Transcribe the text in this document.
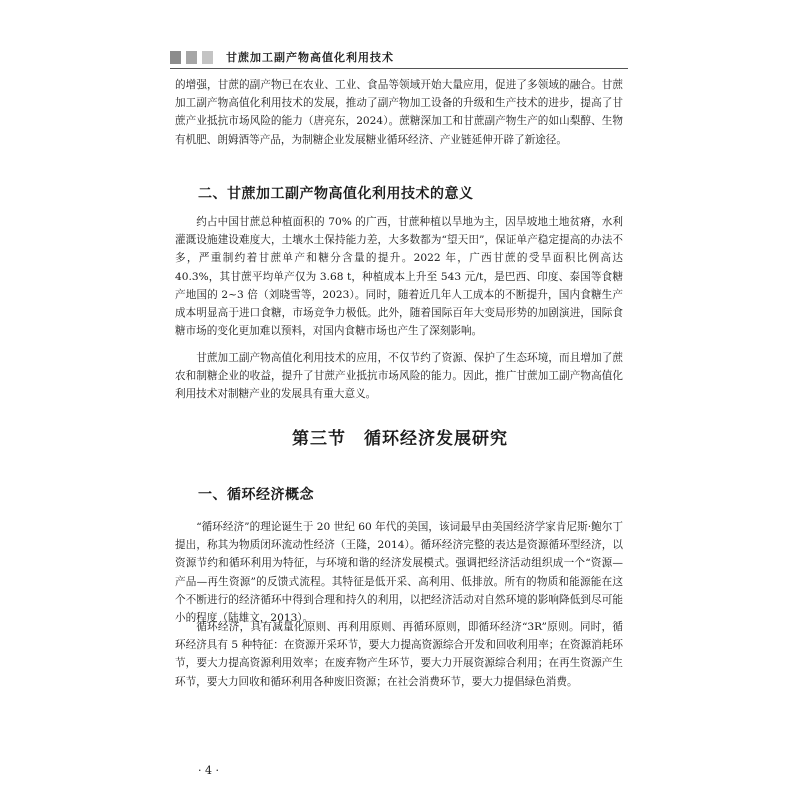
甘蔗加工副产物高值化利用技术

的增强，甘蔗的副产物已在农业、工业、食品等领域开始大量应用，促进了多领域的融合。甘蔗加工副产物高值化利用技术的发展，推动了副产物加工设备的升级和生产技术的进步，提高了甘蔗产业抵抗市场风险的能力（唐亮东，2024）。蔗糖深加工和甘蔗副产物生产的如山梨醇、生物有机肥、朗姆酒等产品，为制糖企业发展糖业循环经济、产业链延伸开辟了新途径。

二、甘蔗加工副产物高值化利用技术的意义

约占中国甘蔗总种植面积的 70% 的广西，甘蔗种植以旱地为主，因旱坡地土地贫瘠，水利灌溉设施建设难度大，土壤水土保持能力差，大多数都为“望天田”，保证单产稳定提高的办法不多，严重制约着甘蔗单产和糖分含量的提升。2022 年，广西甘蔗的受旱面积比例高达 40.3%，其甘蔗平均单产仅为 3.68 t，种植成本上升至 543 元/t，是巴西、印度、泰国等食糖产地国的 2~3 倍（刘晓雪等，2023）。同时，随着近几年人工成本的不断提升，国内食糖生产成本明显高于进口食糖，市场竞争力极低。此外，随着国际百年大变局形势的加剧演进，国际食糖市场的变化更加难以预料，对国内食糖市场也产生了深刻影响。

甘蔗加工副产物高值化利用技术的应用，不仅节约了资源、保护了生态环境，而且增加了蔗农和制糖企业的收益，提升了甘蔗产业抵抗市场风险的能力。因此，推广甘蔗加工副产物高值化利用技术对制糖产业的发展具有重大意义。

第三节　循环经济发展研究
一、循环经济概念

“循环经济”的理论诞生于 20 世纪 60 年代的美国，该词最早由美国经济学家肯尼斯·鲍尔丁提出，称其为物质闭环流动性经济（王隆，2014）。循环经济完整的表达是资源循环型经济，以资源节约和循环利用为特征，与环境和谐的经济发展模式。强调把经济活动组织成一个“资源—产品—再生资源”的反馈式流程。其特征是低开采、高利用、低排放。所有的物质和能源能在这个不断进行的经济循环中得到合理和持久的利用，以把经济活动对自然环境的影响降低到尽可能小的程度（陆雄文，2013）。

循环经济，具有减量化原则、再利用原则、再循环原则，即循环经济“3R”原则。同时，循环经济具有 5 种特征：在资源开采环节，要大力提高资源综合开发和回收利用率；在资源消耗环节，要大力提高资源利用效率；在废弃物产生环节，要大力开展资源综合利用；在再生资源产生环节，要大力回收和循环利用各种废旧资源；在社会消费环节，要大力提倡绿色消费。

· 4 ·
